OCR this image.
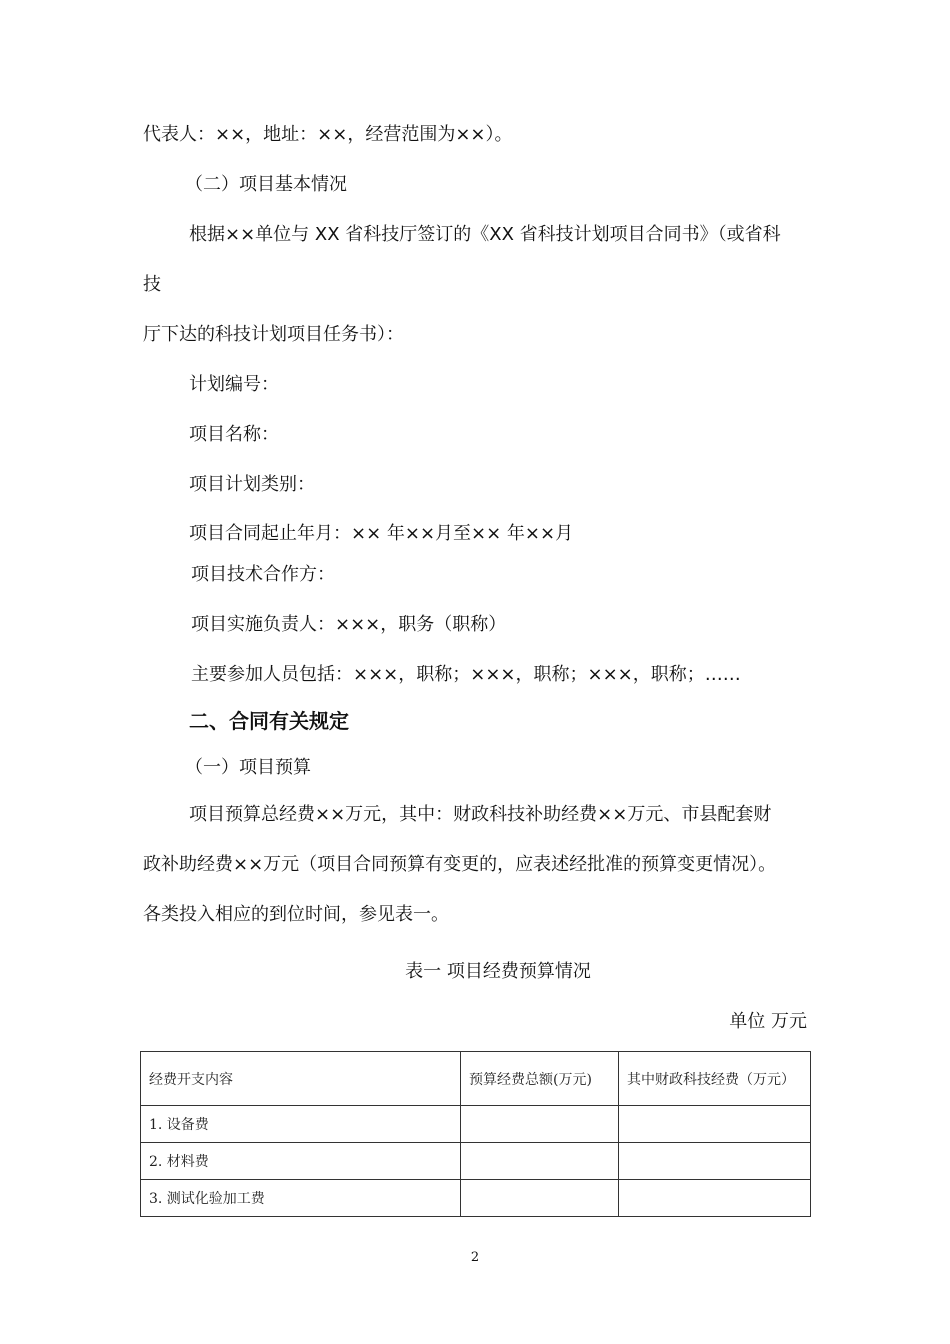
代表人：××，地址：××，经营范围为××）。
（二）项目基本情况
根据××单位与 XX 省科技厅签订的《XX 省科技计划项目合同书》（或省科
技
厅下达的科技计划项目任务书）：
计划编号：
项目名称：
项目计划类别：
项目合同起止年月：×× 年××月至×× 年××月
项目技术合作方：
项目实施负责人：×××，职务（职称）
主要参加人员包括：×××，职称；×××，职称；×××，职称；……
二、合同有关规定
（一）项目预算
项目预算总经费××万元，其中：财政科技补助经费××万元、市县配套财
政补助经费××万元（项目合同预算有变更的，应表述经批准的预算变更情况）。
各类投入相应的到位时间，参见表一。
表一 项目经费预算情况
单位 万元
经费开支内容	预算经费总额(万元)	其中财政科技经费（万元）
1. 设备费		
2. 材料费		
3. 测试化验加工费		
2
